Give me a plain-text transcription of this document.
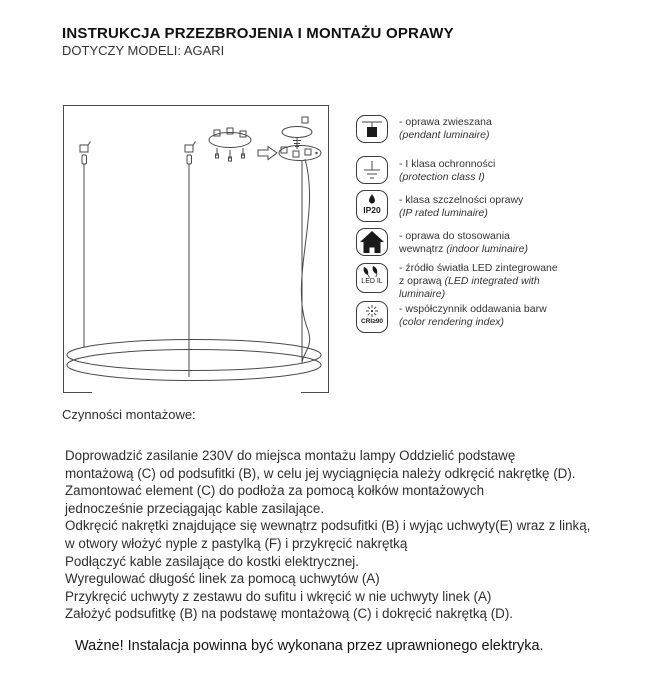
INSTRUKCJA PRZEZBROJENIA I MONTAŻU OPRAWY
DOTYCZY MODELI: AGARI
- oprawa zwieszana
(pendant luminaire)
- I klasa ochronności
(protection class I)
IP20
- klasa szczelności oprawy
(IP rated luminaire)
- oprawa do stosowania
wewnątrz (indoor luminaire)
LED IL
- źródło światła LED zintegrowane
z oprawą (LED integrated with
luminaire)
CRI≥90
- współczynnik oddawania barw
(color rendering index)
Czynności montażowe:
Doprowadzić zasilanie 230V do miejsca montażu lampy Oddzielić podstawę
montażową (C) od podsufitki (B), w celu jej wyciągnięcia należy odkręcić nakrętkę (D).
Zamontować element (C) do podłoża za pomocą kołków montażowych
jednocześnie przeciągając kable zasilające.
Odkręcić nakrętki znajdujące się wewnątrz podsufitki (B) i wyjąc uchwyty(E) wraz z linką,
w otwory włożyć nyple z pastylką (F) i przykręcić nakrętką
Podłączyć kable zasilające do kostki elektrycznej.
Wyregulować długość linek za pomocą uchwytów (A)
Przykręcić uchwyty z zestawu do sufitu i wkręcić w nie uchwyty linek (A)
Założyć podsufitkę (B) na podstawę montażową (C) i dokręcić nakrętką (D).
Ważne! Instalacja powinna być wykonana przez uprawnionego elektryka.
